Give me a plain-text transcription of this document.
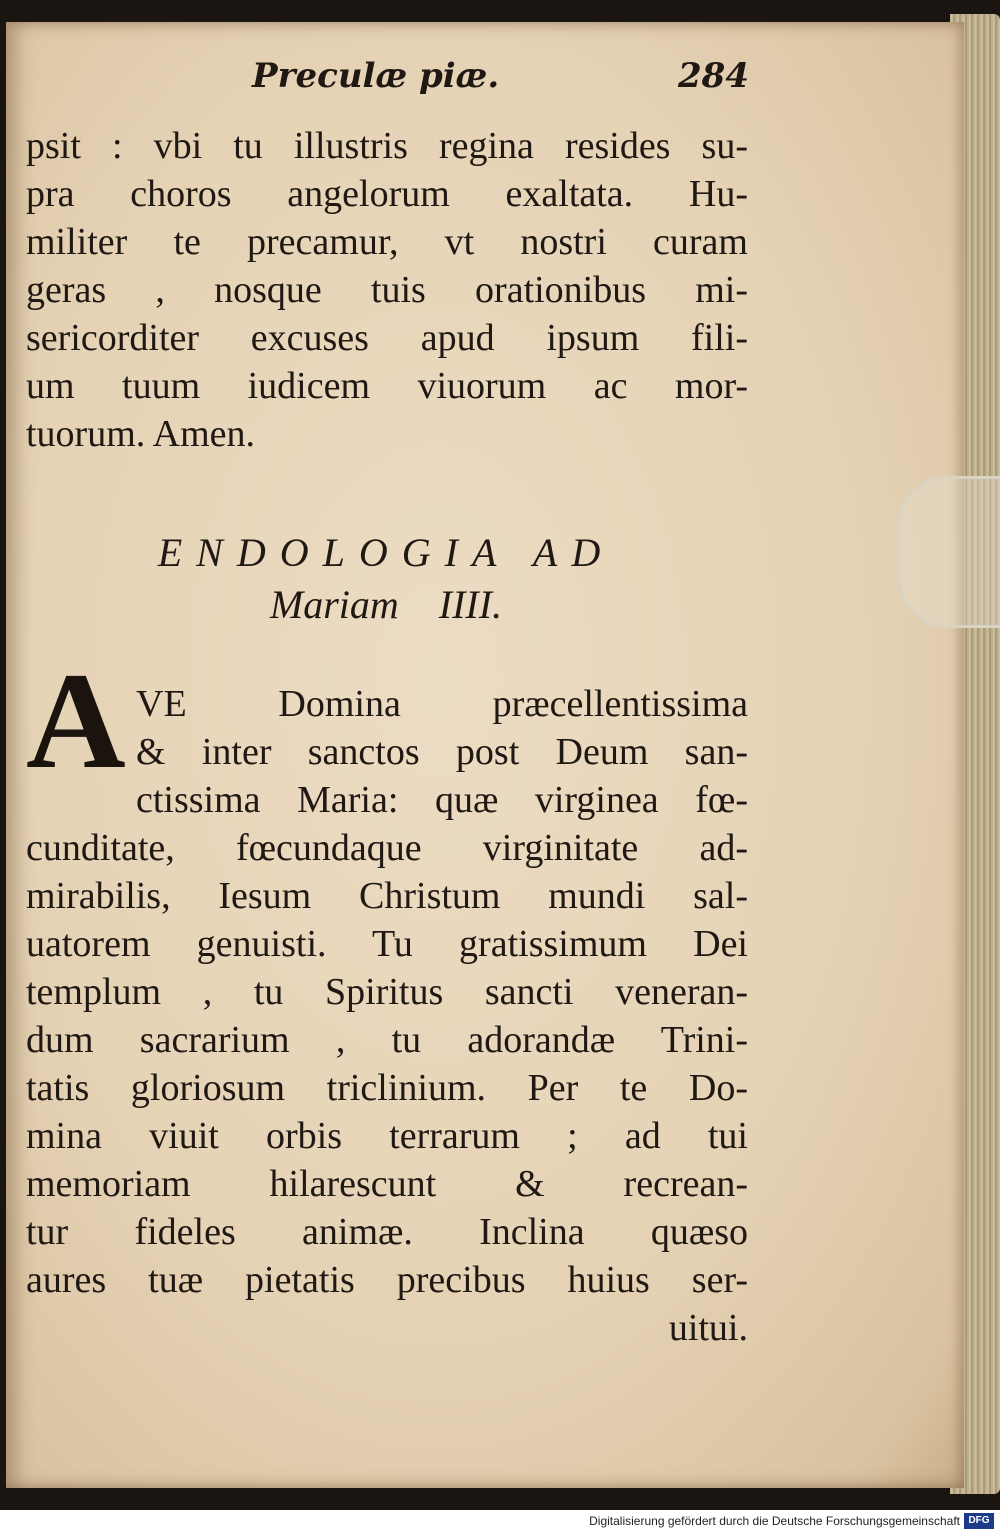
Preculæ piæ.	284
psit : vbi tu illustris regina resides su-
pra choros angelorum exaltata. Hu-
militer te precamur, vt nostri curam
geras , nosque tuis orationibus mi-
sericorditer excuses apud ipsum fili-
um tuum iudicem viuorum ac mor-
tuorum. Amen.
ENDOLOGIA AD
Mariam IIII.
A VE Domina præcellentissima
& inter sanctos post Deum san-
ctissima Maria: quæ virginea fœ-
cunditate, fœcundaque virginitate ad-
mirabilis, Iesum Christum mundi sal-
uatorem genuisti. Tu gratissimum Dei
templum , tu Spiritus sancti veneran-
dum sacrarium , tu adorandæ Trini-
tatis gloriosum triclinium. Per te Do-
mina viuit orbis terrarum ; ad tui
memoriam hilarescunt & recrean-
tur fideles animæ. Inclina quæso
aures tuæ pietatis precibus huius ser-
uitui.
Digitalisierung gefördert durch die Deutsche Forschungsgemeinschaft DFG
